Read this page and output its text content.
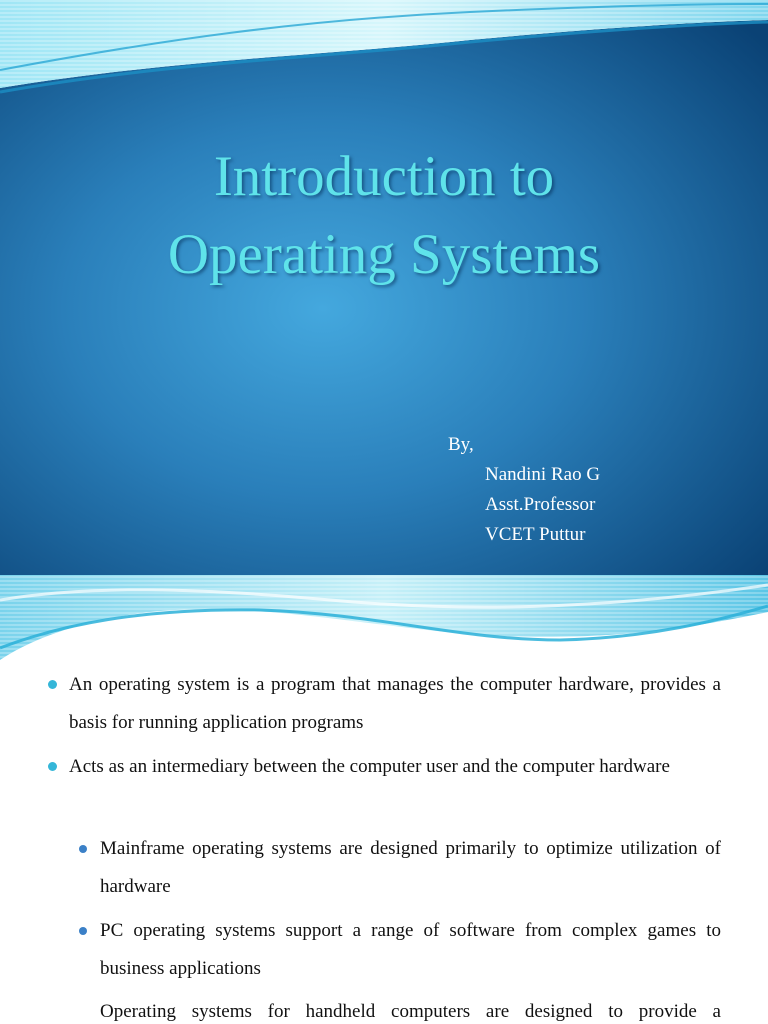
Introduction to
Operating Systems
By,
Nandini Rao G
Asst.Professor
VCET Puttur
An operating system is a program that manages the computer hardware, provides a basis for running application programs
Acts as an intermediary between the computer user and the computer hardware
Mainframe operating systems are designed primarily to optimize utilization of hardware
PC operating systems support a range of software from complex games to business applications
Operating systems for handheld computers are designed to provide a
